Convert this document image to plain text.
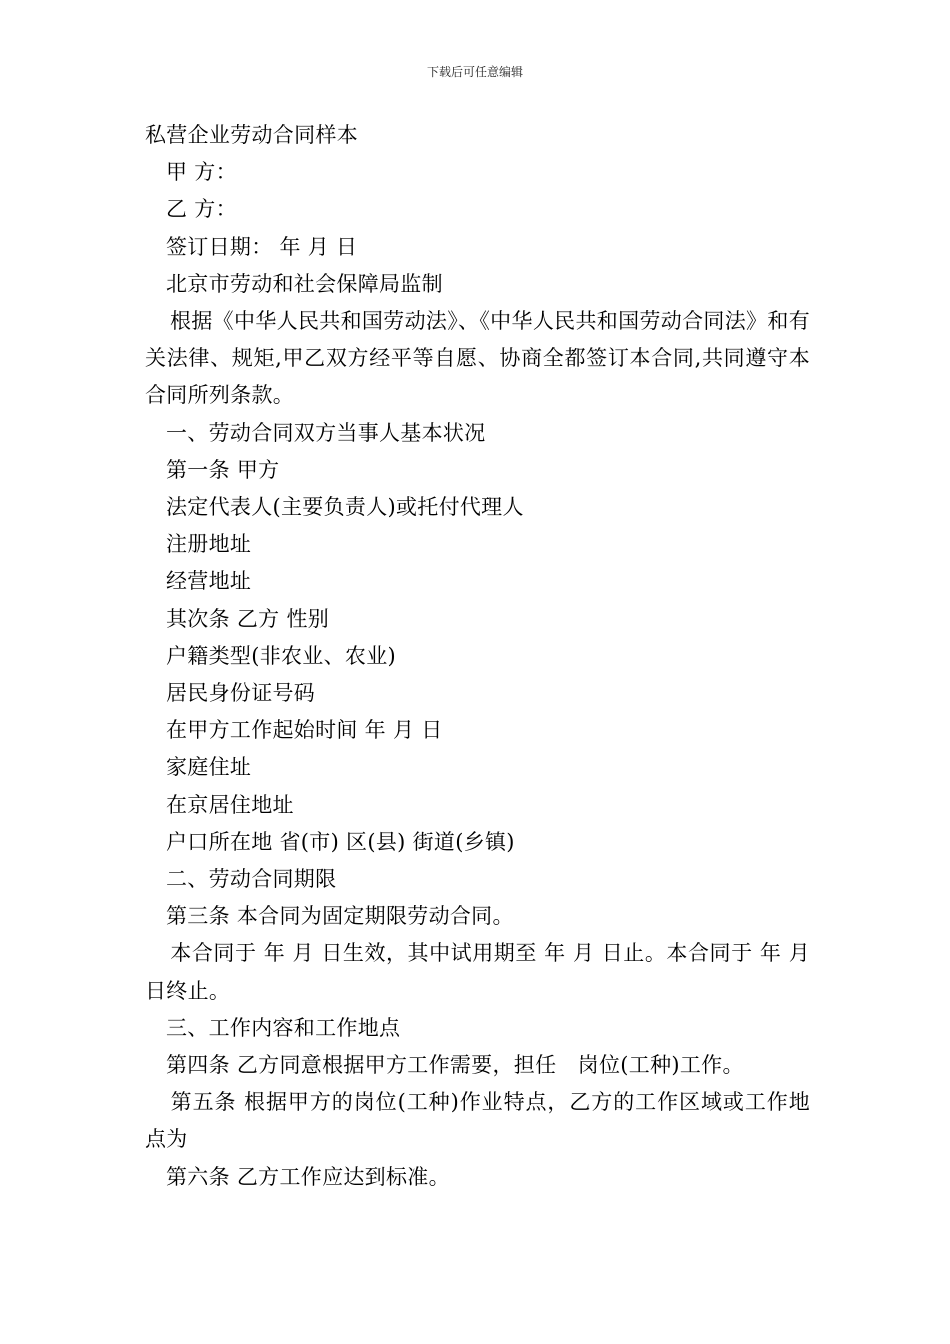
下载后可任意编辑
私营企业劳动合同样本
甲 方：
乙 方：
签订日期： 年 月 日
北京市劳动和社会保障局监制
根据《中华人民共和国劳动法》、《中华人民共和国劳动合同法》和有关法律、规矩,甲乙双方经平等自愿、协商全都签订本合同,共同遵守本合同所列条款。
一、劳动合同双方当事人基本状况
第一条 甲方
法定代表人(主要负责人)或托付代理人
注册地址
经营地址
其次条 乙方 性别
户籍类型(非农业、农业)
居民身份证号码
在甲方工作起始时间 年 月 日
家庭住址
在京居住地址
户口所在地 省(市) 区(县) 街道(乡镇)
二、劳动合同期限
第三条 本合同为固定期限劳动合同。
本合同于 年 月 日生效，其中试用期至 年 月 日止。本合同于 年 月 日终止。
三、工作内容和工作地点
第四条 乙方同意根据甲方工作需要，担任　岗位(工种)工作。
第五条 根据甲方的岗位(工种)作业特点，乙方的工作区域或工作地点为
第六条 乙方工作应达到标准。
